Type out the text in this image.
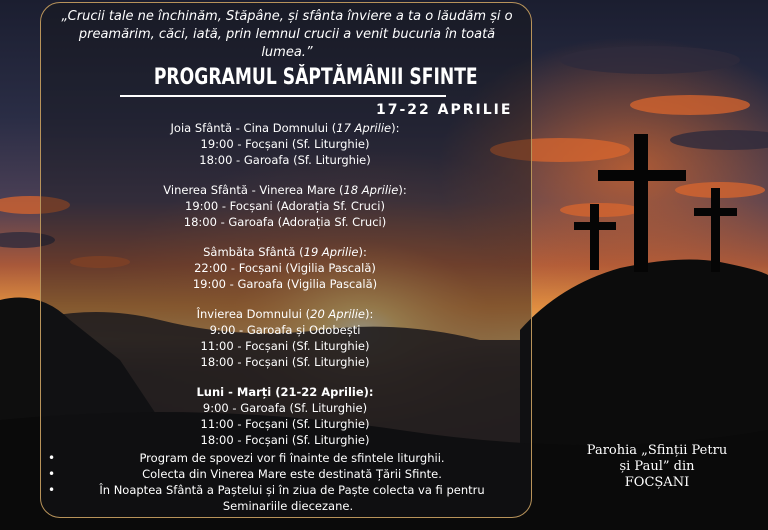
„Crucii tale ne închinăm, Stăpâne, și sfânta înviere a ta o lăudăm și o preamărim, căci, iată, prin lemnul crucii a venit bucuria în toată lumea.”

PROGRAMUL SĂPTĂMÂNII SFINTE

17-22 APRILIE

Joia Sfântă - Cina Domnului (17 Aprilie):
19:00 - Focșani (Sf. Liturghie)
18:00 - Garoafa (Sf. Liturghie)
Vinerea Sfântă - Vinerea Mare (18 Aprilie):
19:00 - Focșani (Adorația Sf. Cruci)
18:00 - Garoafa (Adorația Sf. Cruci)
Sâmbăta Sfântă (19 Aprilie):
22:00 - Focșani (Vigilia Pascală)
19:00 - Garoafa (Vigilia Pascală)
Învierea Domnului (20 Aprilie):
9:00 - Garoafa și Odobești
11:00 - Focșani (Sf. Liturghie)
18:00 - Focșani (Sf. Liturghie)
Luni - Marți (21-22 Aprilie):
9:00 - Garoafa (Sf. Liturghie)
11:00 - Focșani (Sf. Liturghie)
18:00 - Focșani (Sf. Liturghie)
• Program de spovezi vor fi înainte de sfintele liturghii.
• Colecta din Vinerea Mare este destinată Țării Sfinte.
• În Noaptea Sfântă a Paștelui și în ziua de Paște colecta va fi pentru
Seminariile diecezane.
Parohia „Sfinții Petru
și Paul” din
FOCȘANI
